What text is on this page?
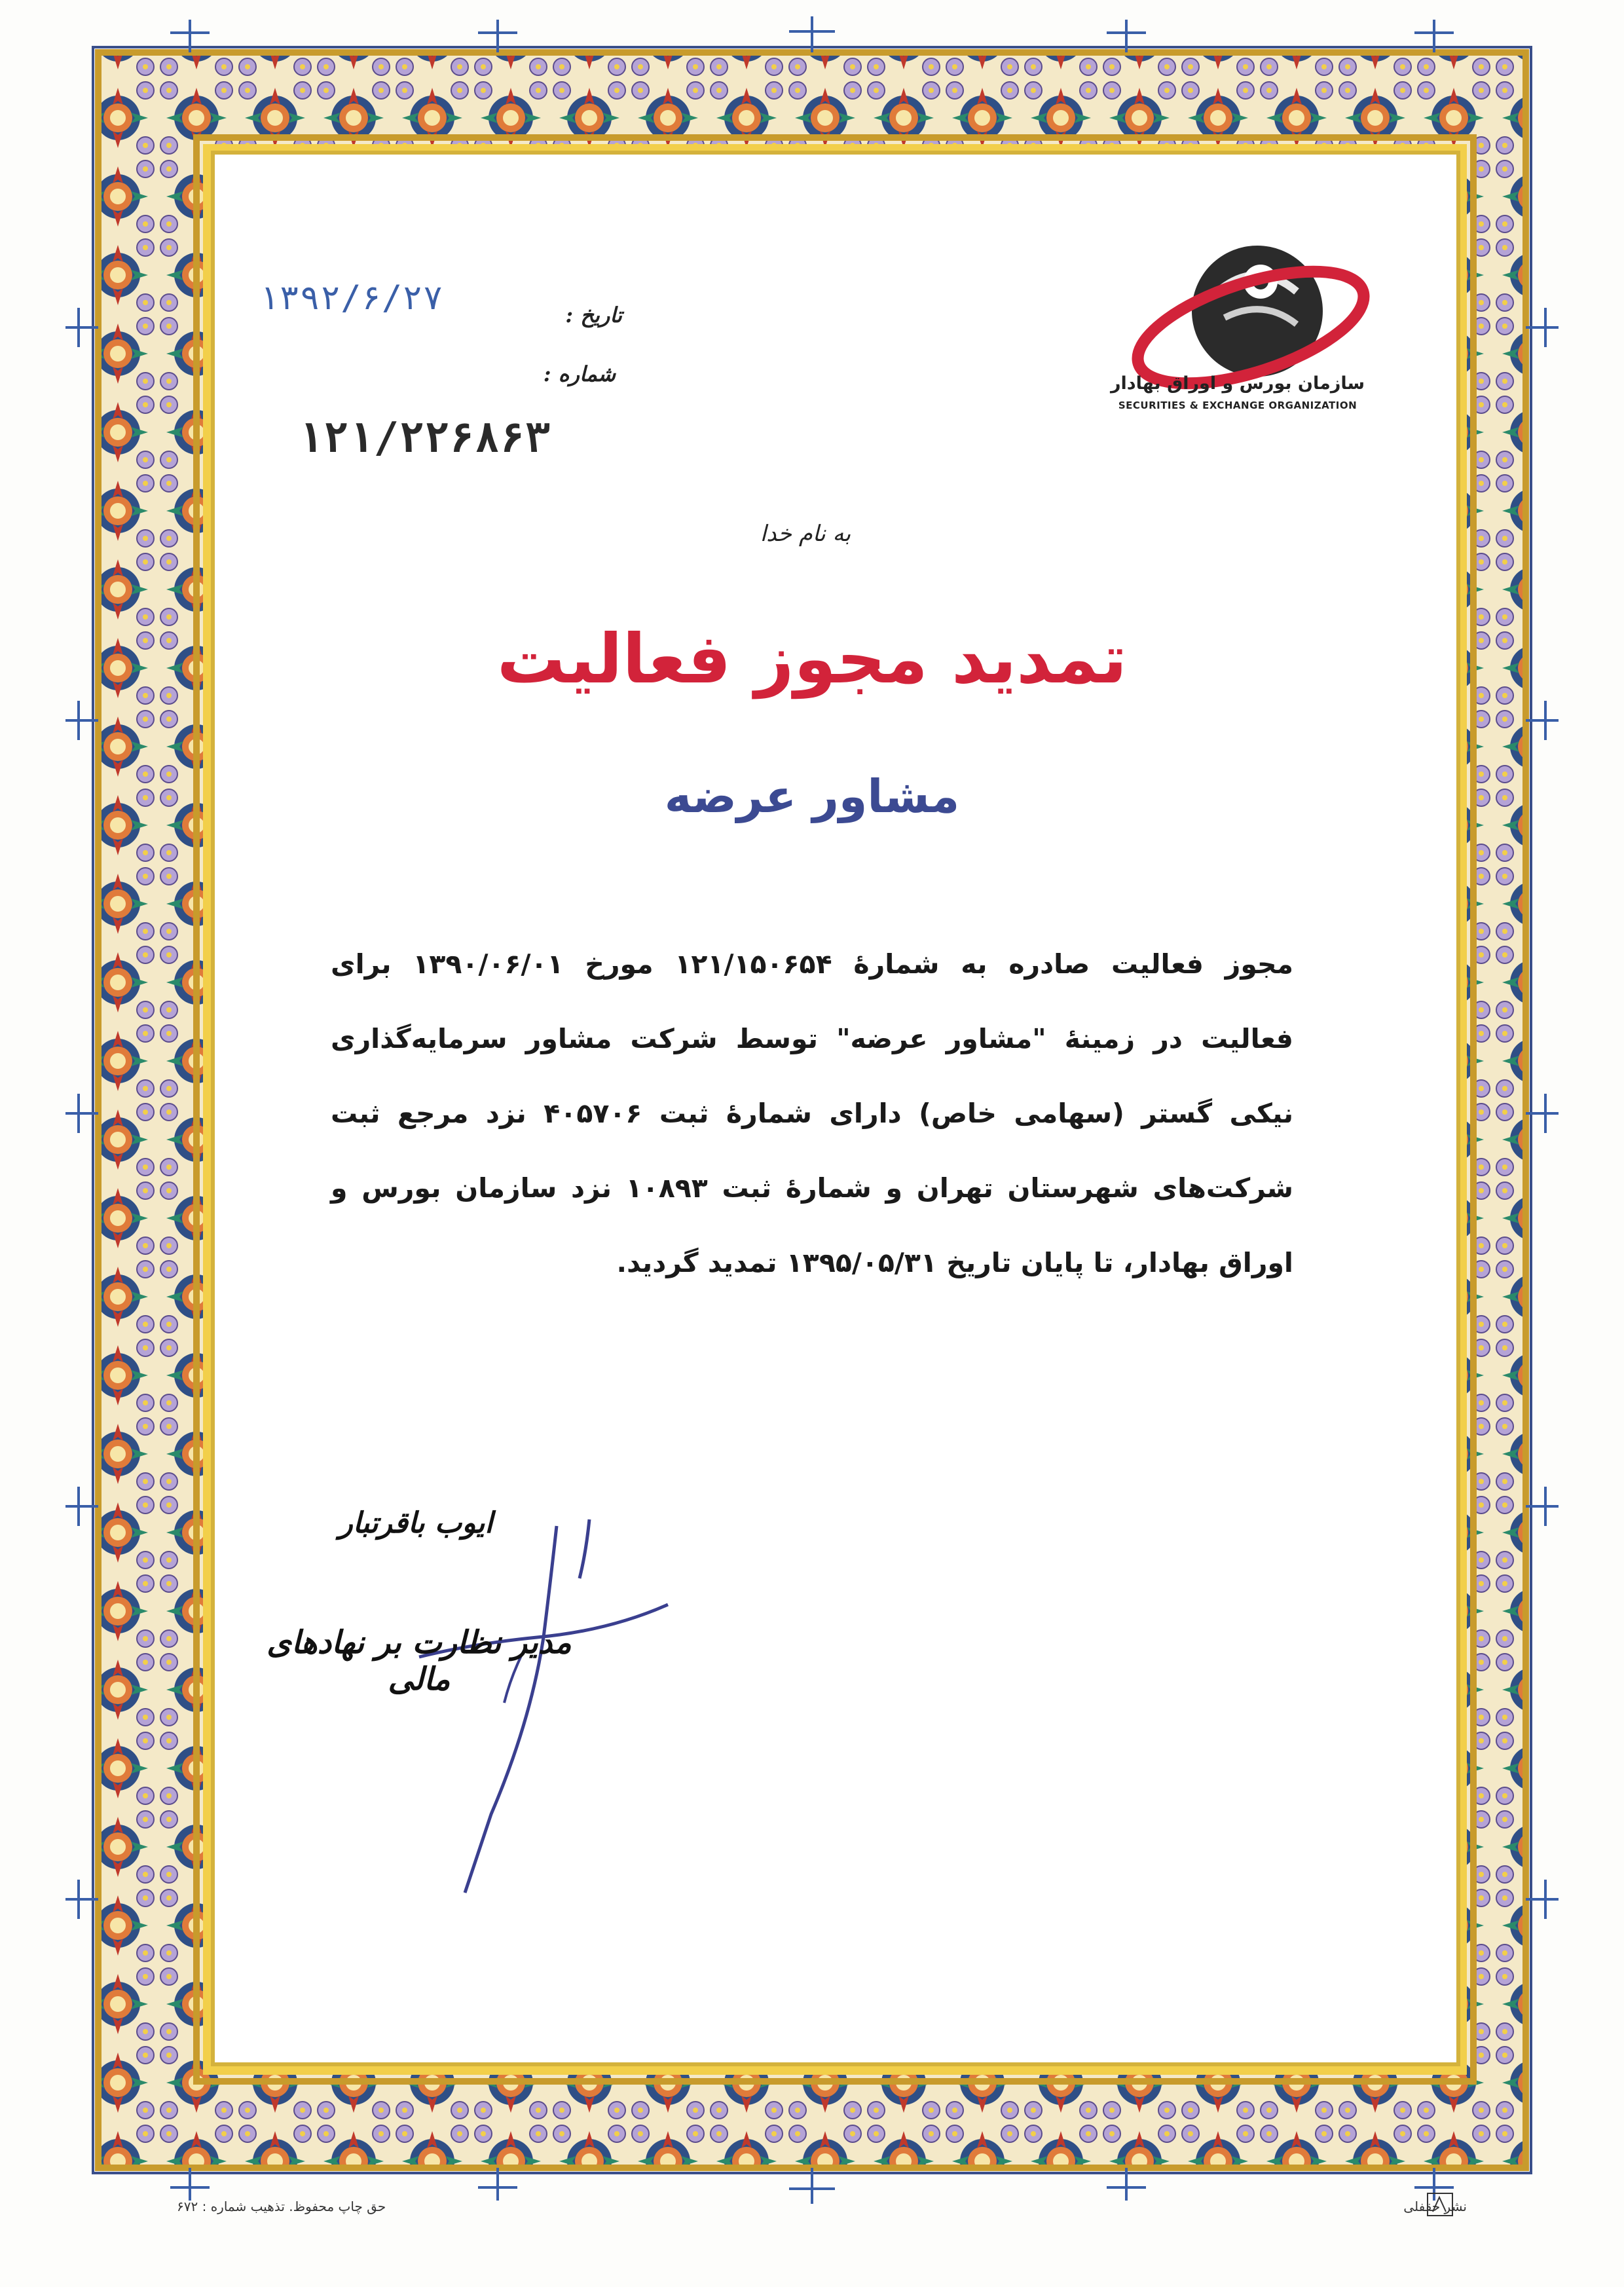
سازمان بورس و اوراق بهادار
SECURITIES & EXCHANGE ORGANIZATION
تاریخ :
۱۳۹۲/۶/۲۷
شماره :
۱۲۱/۲۲۶۸۶۳
به نام خدا
تمدید مجوز فعالیت
مشاور عرضه
مجوز فعالیت صادره به شمارهٔ ۱۲۱/۱۵۰۶۵۴ مورخ ۱۳۹۰/۰۶/۰۱ برای فعالیت در زمینهٔ "مشاور عرضه" توسط شرکت مشاور سرمایه‌گذاری نیکی گستر (سهامی خاص) دارای شمارهٔ ثبت ۴۰۵۷۰۶ نزد مرجع ثبت شرکت‌های شهرستان تهران و شمارهٔ ثبت ۱۰۸۹۳ نزد سازمان بورس و اوراق بهادار، تا پایان تاریخ ۱۳۹۵/۰۵/۳۱ تمدید گردید.
ایوب باقرتبار
مدیر نظارت بر نهادهای مالی
نشر حقفلی
حق چاپ محفوظ. تذهیب شماره : ۶۷۲
